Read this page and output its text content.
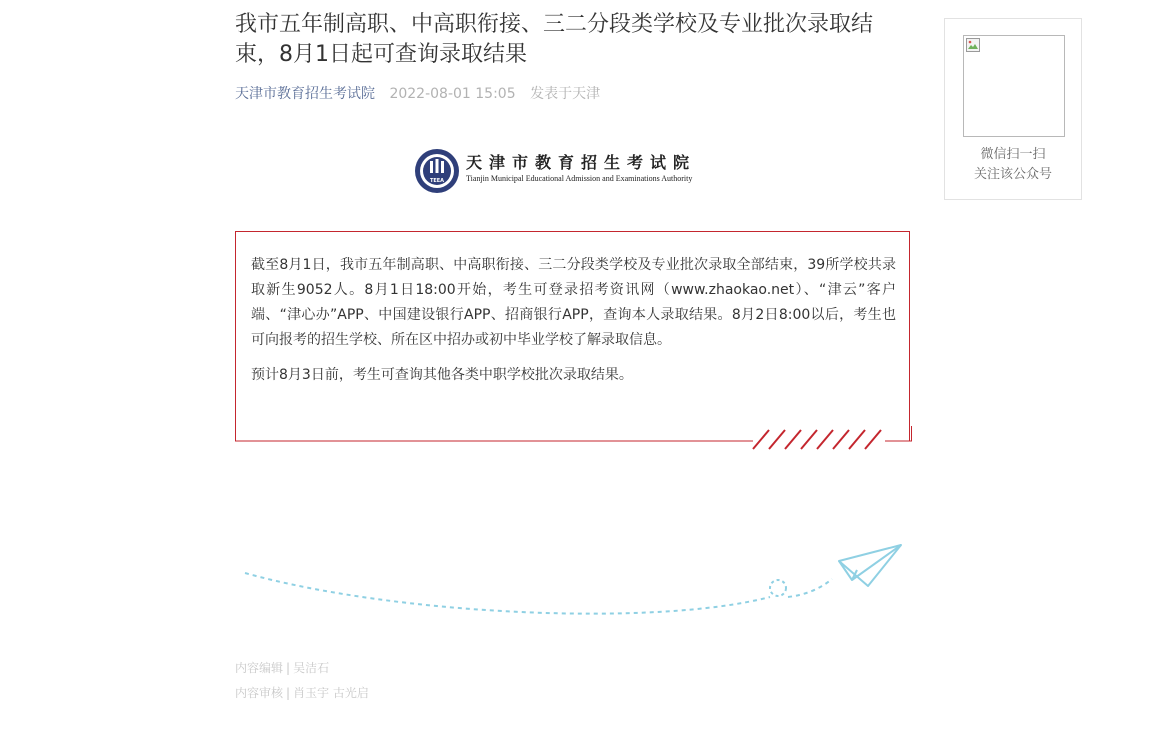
我市五年制高职、中高职衔接、三二分段类学校及专业批次录取结束，8月1日起可查询录取结果
天津市教育招生考试院 2022-08-01 15:05 发表于天津
TEEA
天津市教育招生考试院
Tianjin Municipal Educational Admission and Examinations Authority

截至8月1日，我市五年制高职、中高职衔接、三二分段类学校及专业批次录取全部结束，39所学校共录取新生9052人。8月1日18:00开始，考生可登录招考资讯网（www.zhaokao.net）、“津云”客户端、“津心办”APP、中国建设银行APP、招商银行APP，查询本人录取结果。8月2日8:00以后，考生也可向报考的招生学校、所在区中招办或初中毕业学校了解录取信息。

预计8月3日前，考生可查询其他各类中职学校批次录取结果。

内容编辑 | 吴洁石
内容审核 | 肖玉宇 古光启
微信扫一扫
关注该公众号
